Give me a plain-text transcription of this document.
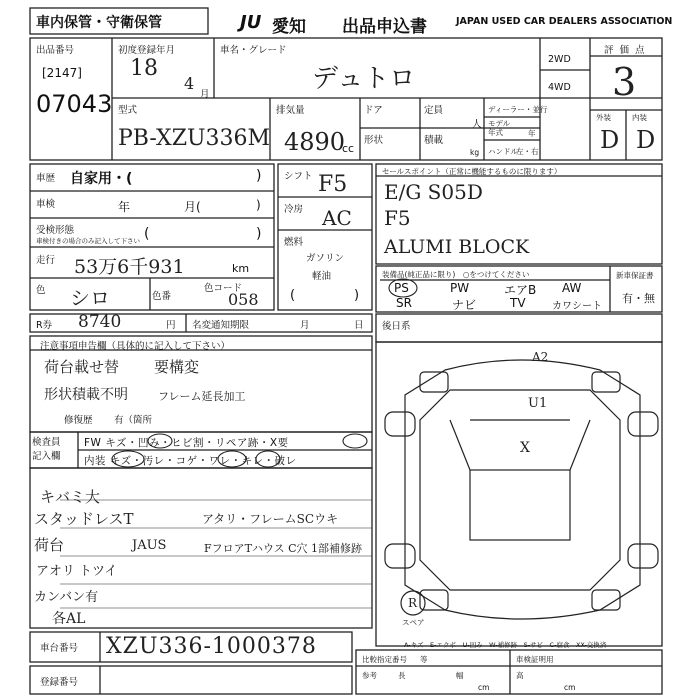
車内保管・守衛保管	JU 愛知 出品申込書	JAPAN USED CAR DEALERS ASSOCIATION
出品番号
[2147]
07043
初度登録年月
18
4
月
車名・グレード
デュトロ
2WD
4WD
評価点
3
外装	内装
D D
型式
PB-XZU336M
排気量
4890
cc
ドア	定員
人
形状	積載
kg
ディーラー・並行
モデル
年式	年
ハンドル
左・右
車歴 自家用・(	)
車検	年	月(	)
受検形態
車検付きの場合のみ記入して下さい (	)
走行 53万6千931	km
色 シロ	色番
色コード
058
シフト F5
冷房 AC
燃料
ガソリン
軽油
(	)
セールスポイント（正常に機能するものに限ります）
E/G S05D
F5
ALUMI BLOCK
装備品(純正品に限り)　○をつけてください
PS	PW	エアB AW
SR	ナビ	TV	カワシート
新車保証書
有・無
R券 8740	円 名変通知期限	月	日 後日系
注意事項申告欄（具体的に記入して下さい）
荷台載せ替 要構変
形状積載不明	フレーム延長加工
修復歴 有（箇所
検査員
記入欄
FW キズ・凹み・ヒビ割・リペア跡・X要
内装 キズ・汚レ・コゲ・ワレ・キレ・破レ
キバミ大
スタッドレスT
荷台
アオリ トツイ
カンバン有
各AL
アタリ・フレームSCウキ
JAUS	FフロアTハウス C穴 1部補修跡
A2
U1
X
R
スペア
A-キズ　E-エクボ　U-凹み　W-補修跡　S-サビ　C-腐食　XX-交換済
比較指定番号 等
参考	長	幅
cm
高
cm
車検証明用
車台番号 XZU336-1000378
登録番号
